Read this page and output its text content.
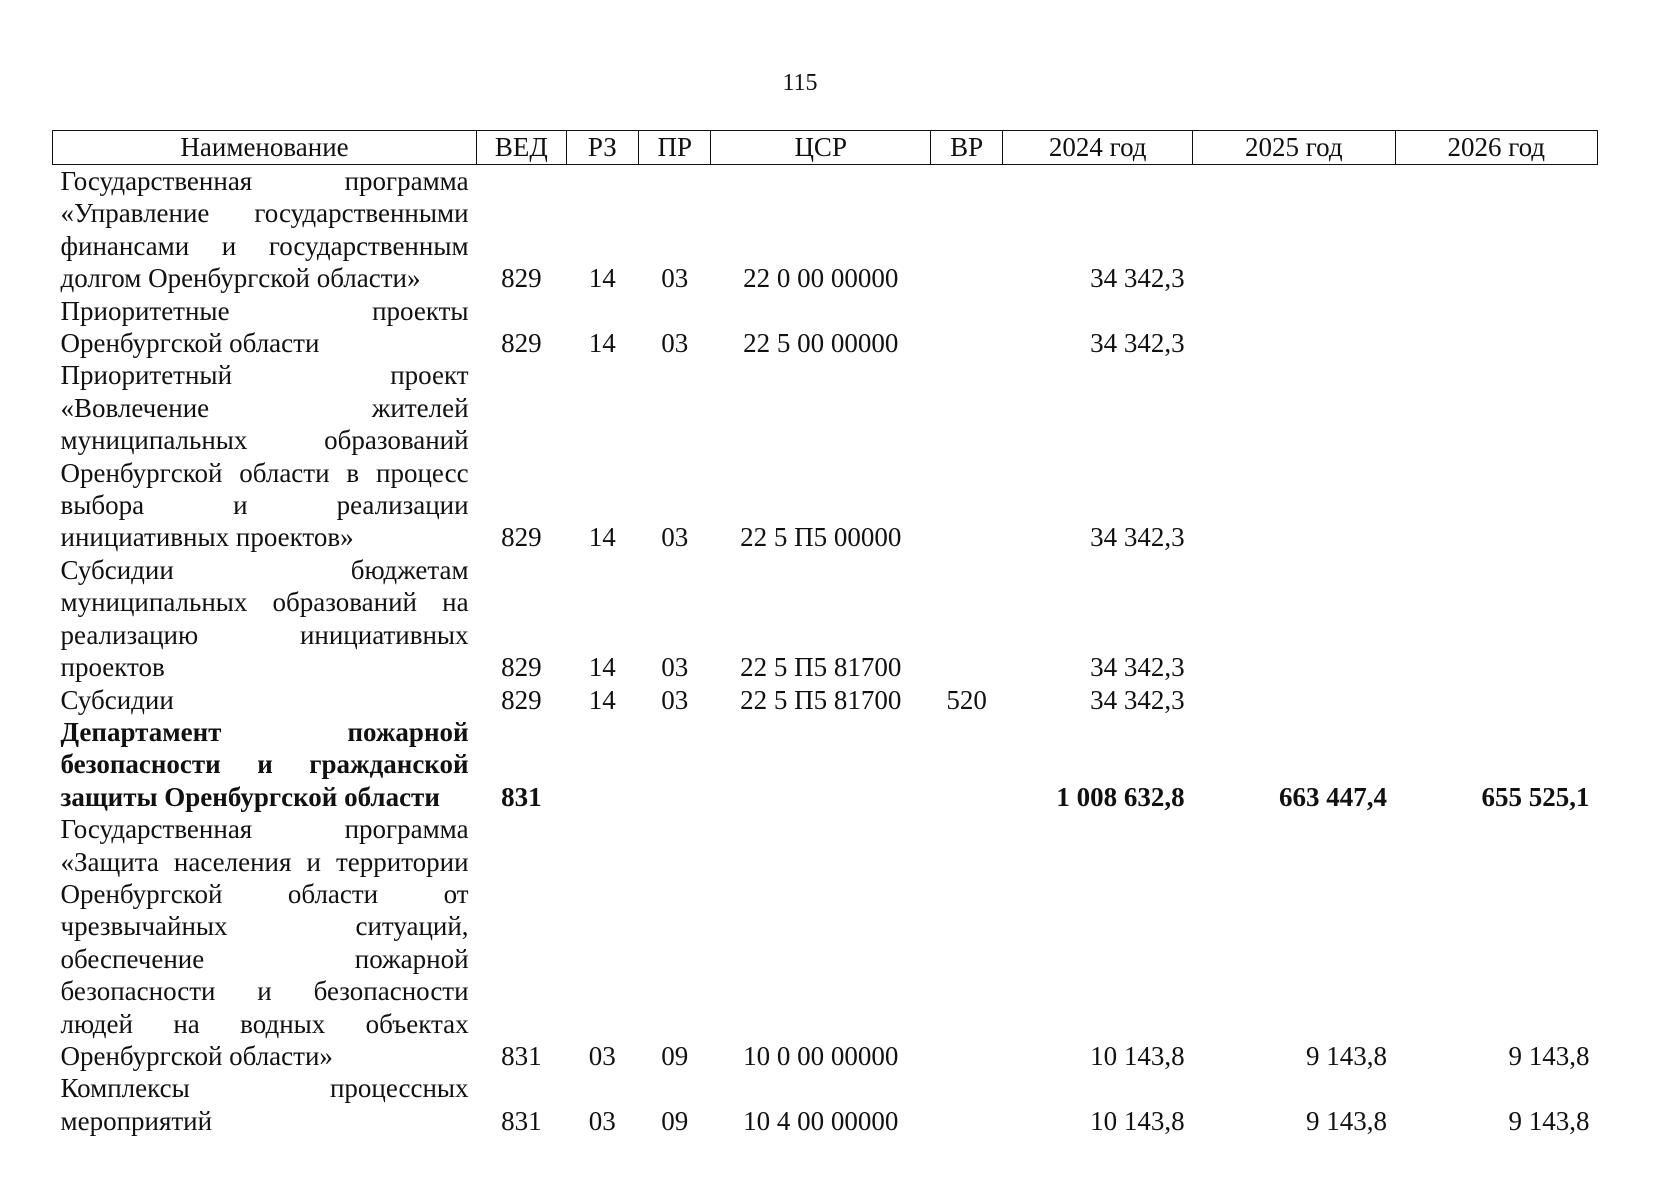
115
Наименование	ВЕД	РЗ	ПР	ЦСР	ВР	2024 год	2025 год	2026 год
Государственная программа «Управление государственными финансами и государственным долгом Оренбургской области»	829	14	03	22 0 00 00000		34 342,3		
Приоритетные проекты Оренбургской области	829	14	03	22 5 00 00000		34 342,3		
Приоритетный проект «Вовлечение жителей муниципальных образований Оренбургской области в процесс выбора и реализации инициативных проектов»	829	14	03	22 5 П5 00000		34 342,3		
Субсидии бюджетам муниципальных образований на реализацию инициативных проектов	829	14	03	22 5 П5 81700		34 342,3		
Субсидии	829	14	03	22 5 П5 81700	520	34 342,3		
Департамент пожарной безопасности и гражданской защиты Оренбургской области	831					1 008 632,8	663 447,4	655 525,1
Государственная программа «Защита населения и территории Оренбургской области от чрезвычайных ситуаций, обеспечение пожарной безопасности и безопасности людей на водных объектах Оренбургской области»	831	03	09	10 0 00 00000		10 143,8	9 143,8	9 143,8
Комплексы процессных мероприятий	831	03	09	10 4 00 00000		10 143,8	9 143,8	9 143,8
